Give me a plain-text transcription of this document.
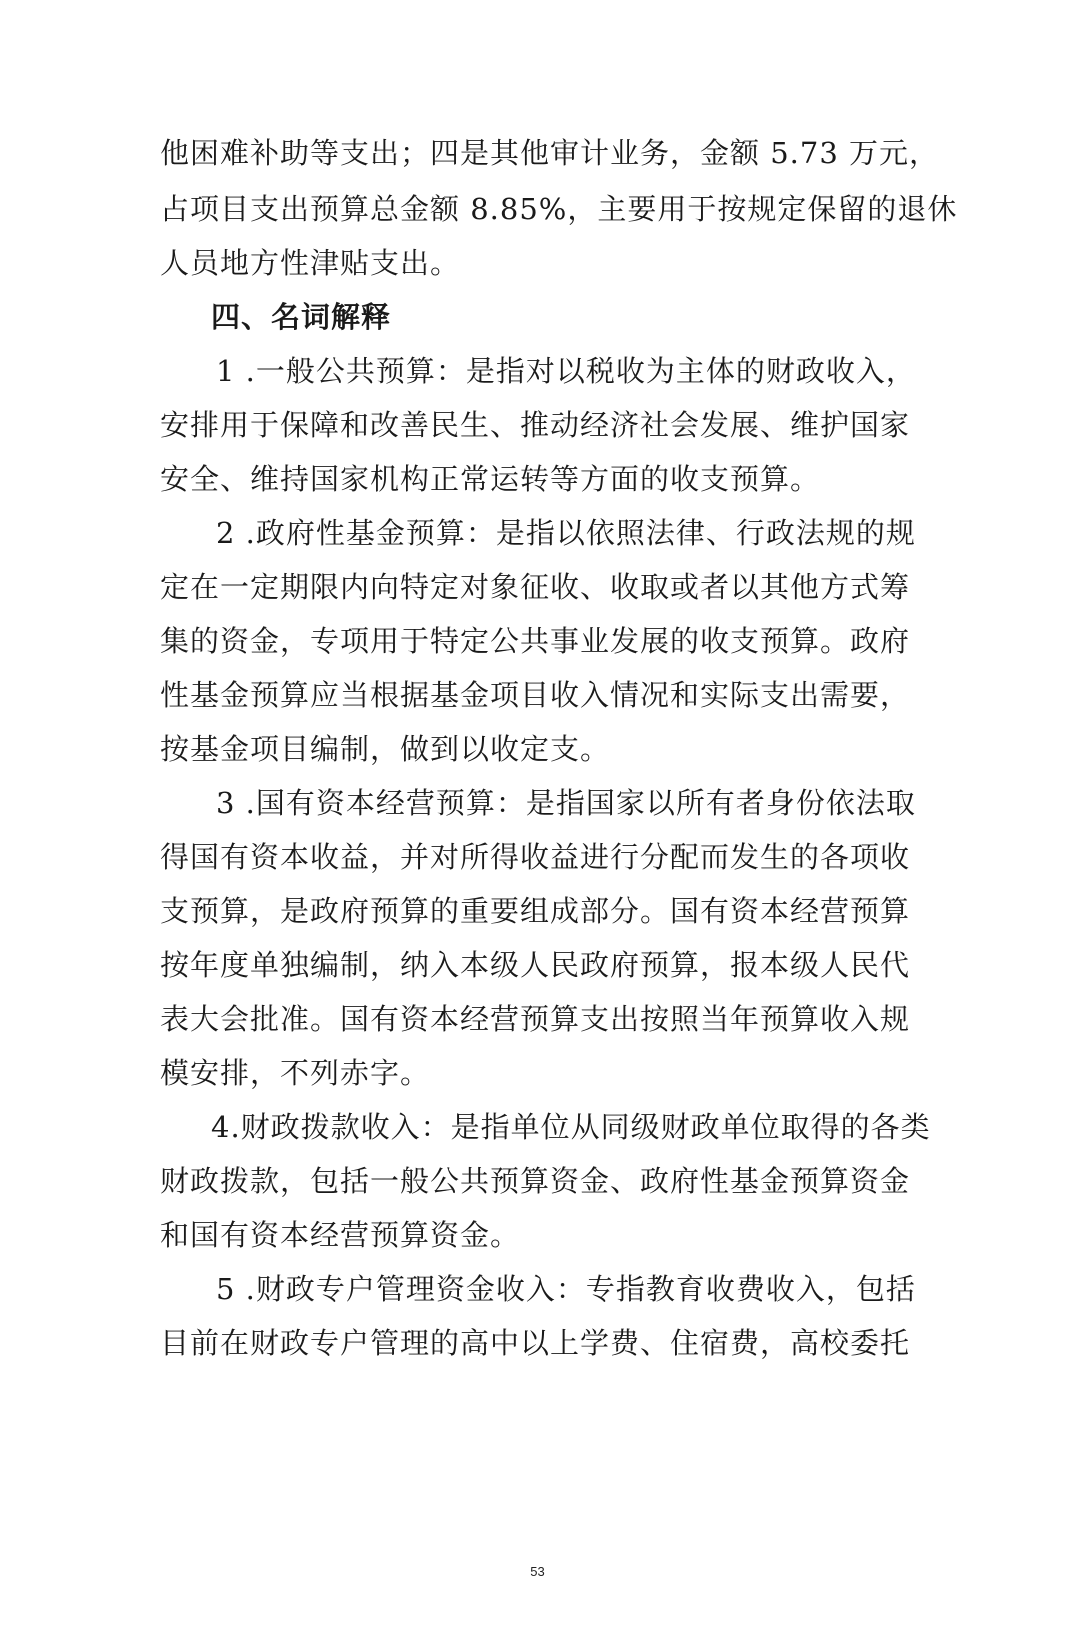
他困难补助等支出；四是其他审计业务，金额 5.73 万元，
占项目支出预算总金额 8.85%，主要用于按规定保留的退休
人员地方性津贴支出。
四、名词解释
1 .一般公共预算：是指对以税收为主体的财政收入，
安排用于保障和改善民生、推动经济社会发展、维护国家
安全、维持国家机构正常运转等方面的收支预算。
2 .政府性基金预算：是指以依照法律、行政法规的规
定在一定期限内向特定对象征收、收取或者以其他方式筹
集的资金，专项用于特定公共事业发展的收支预算。政府
性基金预算应当根据基金项目收入情况和实际支出需要，
按基金项目编制，做到以收定支。
3 .国有资本经营预算：是指国家以所有者身份依法取
得国有资本收益，并对所得收益进行分配而发生的各项收
支预算，是政府预算的重要组成部分。国有资本经营预算
按年度单独编制，纳入本级人民政府预算，报本级人民代
表大会批准。国有资本经营预算支出按照当年预算收入规
模安排，不列赤字。
4.财政拨款收入：是指单位从同级财政单位取得的各类
财政拨款，包括一般公共预算资金、政府性基金预算资金
和国有资本经营预算资金。
5 .财政专户管理资金收入：专指教育收费收入，包括
目前在财政专户管理的高中以上学费、住宿费，高校委托
53
